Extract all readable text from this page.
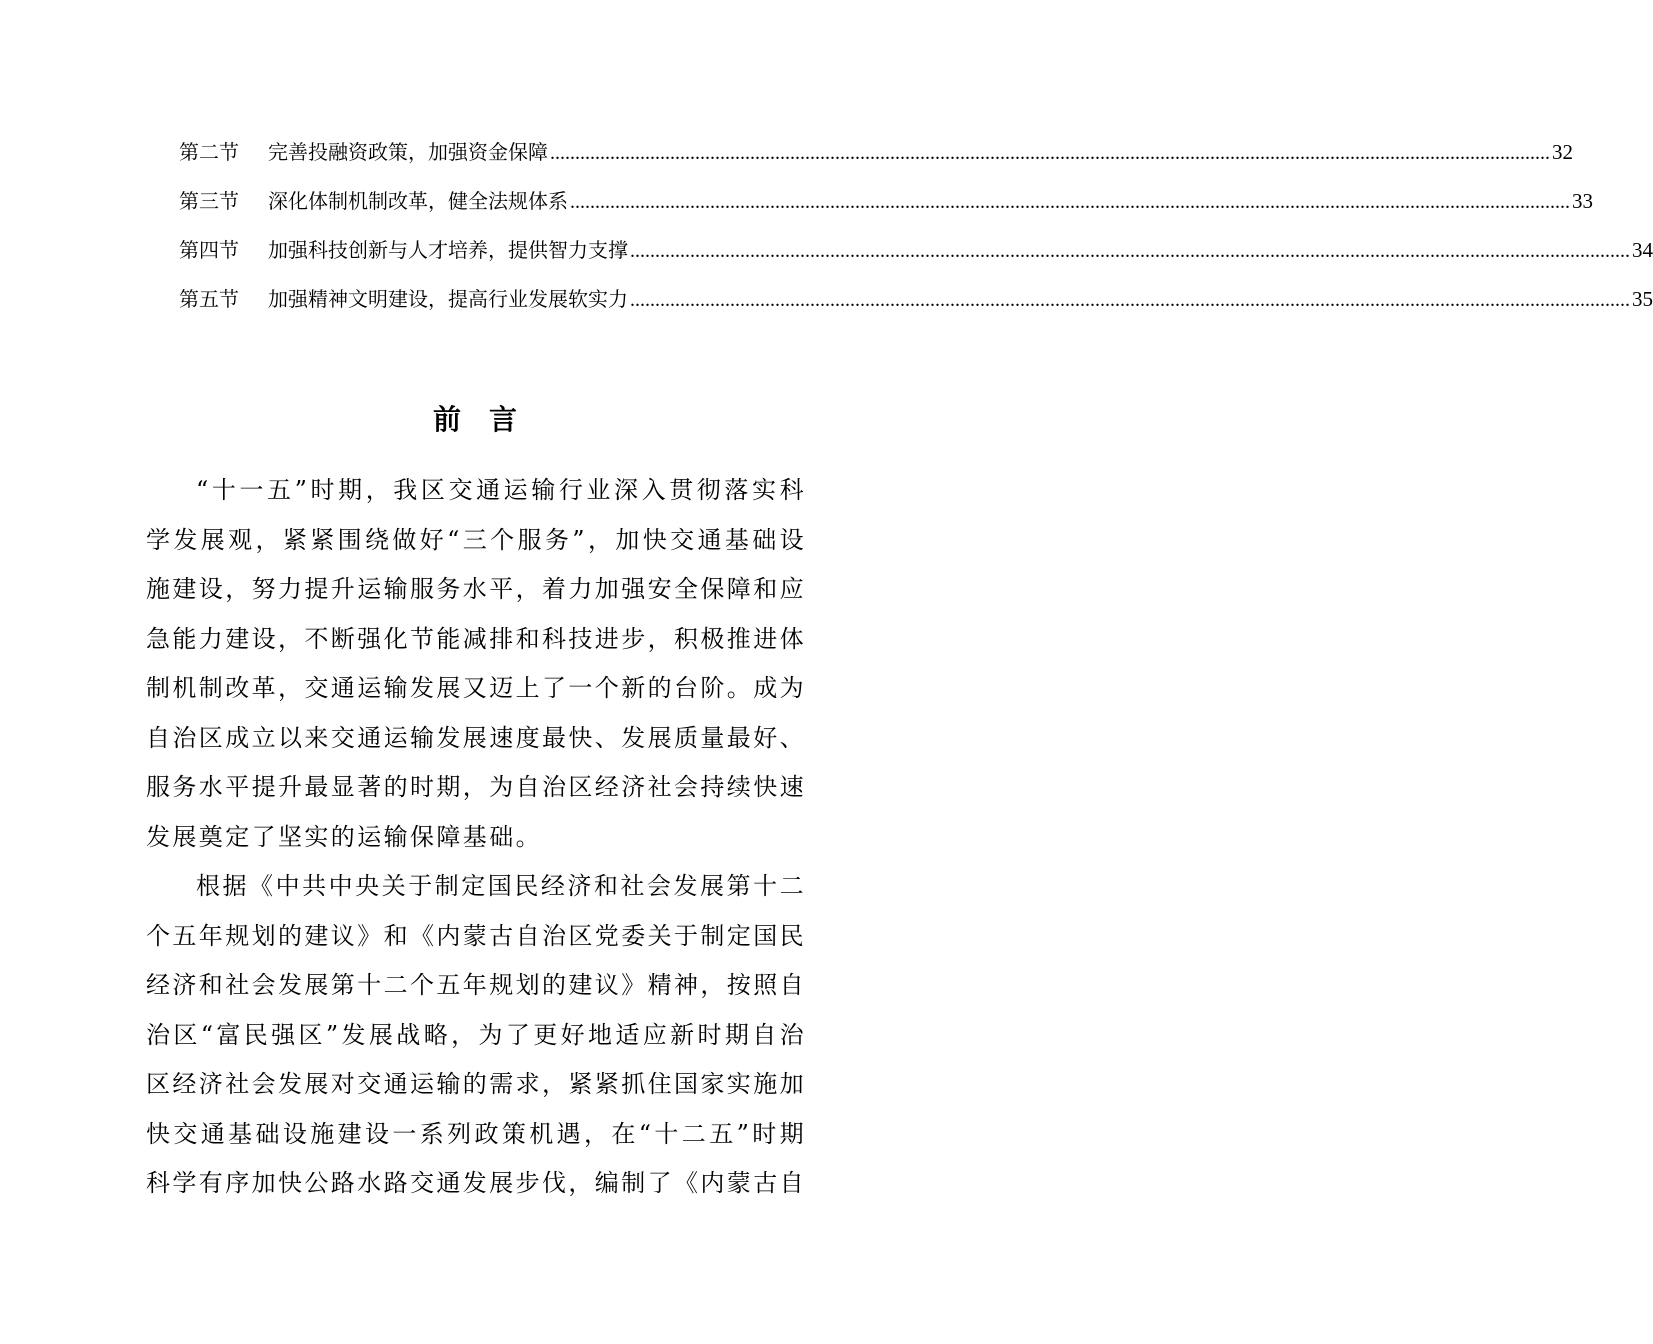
第二节	完善投融资政策，加强资金保障 ........................................................................................................................................................................................................ 32
第三节	深化体制机制改革，健全法规体系 ........................................................................................................................................................................................................ 33
第四节	加强科技创新与人才培养，提供智力支撑 ........................................................................................................................................................................................................ 34
第五节	加强精神文明建设，提高行业发展软实力 ........................................................................................................................................................................................................ 35
前言

“十一五”时期，我区交通运输行业深入贯彻落实科学发展观，紧紧围绕做好“三个服务”，加快交通基础设施建设，努力提升运输服务水平，着力加强安全保障和应急能力建设，不断强化节能减排和科技进步，积极推进体制机制改革，交通运输发展又迈上了一个新的台阶。成为自治区成立以来交通运输发展速度最快、发展质量最好、服务水平提升最显著的时期，为自治区经济社会持续快速发展奠定了坚实的运输保障基础。

根据《中共中央关于制定国民经济和社会发展第十二个五年规划的建议》和《内蒙古自治区党委关于制定国民经济和社会发展第十二个五年规划的建议》精神，按照自治区“富民强区”发展战略，为了更好地适应新时期自治区经济社会发展对交通运输的需求，紧紧抓住国家实施加快交通基础设施建设一系列政策机遇，在“十二五”时期科学有序加快公路水路交通发展步伐，编制了《内蒙古自
